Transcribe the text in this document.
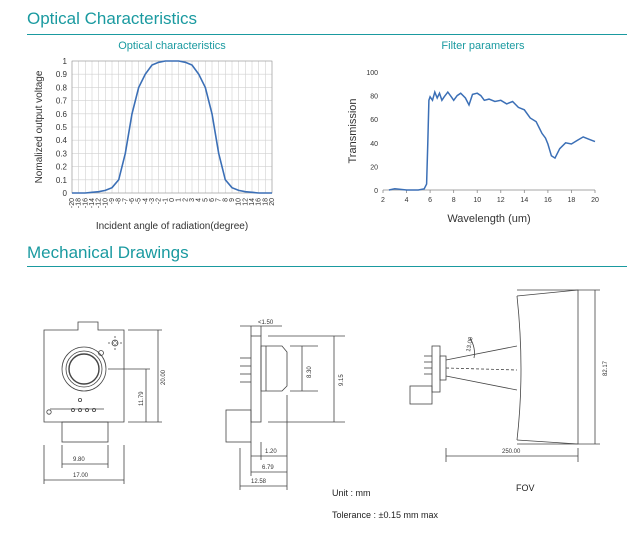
Optical Characteristics
Mechanical Drawings
Optical characteristics
0
0.1
0.2
0.3
0.4
0.5
0.6
0.7
0.8
0.9
1
-20 -18 -16 -14 -12 -10 -9 -8 -7 -6 -5 -4 -3 -2 -1 0 1 2 3 4 5 6 7 8 9 10 12 14 16 18 20
Incident angle of radiation(degree)
Nomalized output voltage
Filter parameters
0
20
40
60
80
100
2	4	6	8	10 12 14 16 18 20
Wavelength (um)
Transmission
9.80
17.00
20.00
11.79
<1.50
8.30
9.15
1.20
6.79
12.58
13.00
250.00
82.17
FOV
Unit : mm
Tolerance : ±0.15 mm max
